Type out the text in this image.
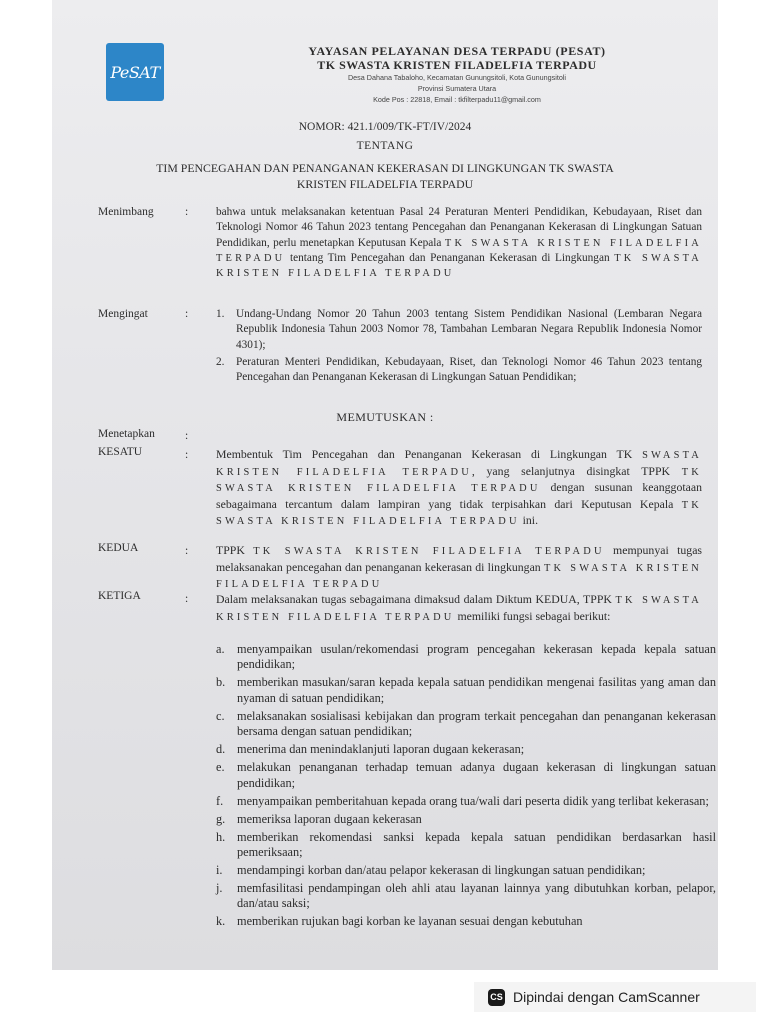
PeSAT
YAYASAN PELAYANAN DESA TERPADU (PESAT)
TK SWASTA KRISTEN FILADELFIA TERPADU
Desa Dahana Tabaloho, Kecamatan Gunungsitoli, Kota Gunungsitoli
Provinsi Sumatera Utara
Kode Pos : 22818, Email : tkfilterpadu11@gmail.com
NOMOR: 421.1/009/TK-FT/IV/2024
TENTANG
TIM PENCEGAHAN DAN PENANGANAN KEKERASAN DI LINGKUNGAN TK SWASTA
KRISTEN FILADELFIA TERPADU
Menimbang	: bahwa untuk melaksanakan ketentuan Pasal 24 Peraturan Menteri Pendidikan, Kebudayaan, Riset dan Teknologi Nomor 46 Tahun 2023 tentang Pencegahan dan Penanganan Kekerasan di Lingkungan Satuan Pendidikan, perlu menetapkan Keputusan Kepala TK SWASTA KRISTEN FILADELFIA TERPADU tentang Tim Pencegahan dan Penanganan Kekerasan di Lingkungan TK SWASTA KRISTEN FILADELFIA TERPADU

Mengingat	: 1.	Undang-Undang Nomor 20 Tahun 2003 tentang Sistem Pendidikan Nasional (Lembaran Negara Republik Indonesia Tahun 2003 Nomor 78, Tambahan Lembaran Negara Republik Indonesia Nomor 4301);
2.	Peraturan Menteri Pendidikan, Kebudayaan, Riset, dan Teknologi Nomor 46 Tahun 2023 tentang Pencegahan dan Penanganan Kekerasan di Lingkungan Satuan Pendidikan;
MEMUTUSKAN :
Menetapkan	:
KESATU	: Membentuk Tim Pencegahan dan Penanganan Kekerasan di Lingkungan TK SWASTA KRISTEN FILADELFIA TERPADU, yang selanjutnya disingkat TPPK TK SWASTA KRISTEN FILADELFIA TERPADU dengan susunan keanggotaan sebagaimana tercantum dalam lampiran yang tidak terpisahkan dari Keputusan Kepala TK SWASTA KRISTEN FILADELFIA TERPADU ini.

KEDUA	: TPPK TK SWASTA KRISTEN FILADELFIA TERPADU mempunyai tugas melaksanakan pencegahan dan penanganan kekerasan di lingkungan TK SWASTA KRISTEN FILADELFIA TERPADU

KETIGA	: Dalam melaksanakan tugas sebagaimana dimaksud dalam Diktum KEDUA, TPPK TK SWASTA KRISTEN FILADELFIA TERPADU memiliki fungsi sebagai berikut:

a.	menyampaikan usulan/rekomendasi program pencegahan kekerasan kepada kepala satuan pendidikan;
b. memberikan masukan/saran kepada kepala satuan pendidikan mengenai fasilitas yang aman dan nyaman di satuan pendidikan;
c.	melaksanakan sosialisasi kebijakan dan program terkait pencegahan dan penanganan kekerasan bersama dengan satuan pendidikan;
d. menerima dan menindaklanjuti laporan dugaan kekerasan;
e.	melakukan penanganan terhadap temuan adanya dugaan kekerasan di lingkungan satuan pendidikan;
f.	menyampaikan pemberitahuan kepada orang tua/wali dari peserta didik yang terlibat kekerasan;
g. memeriksa laporan dugaan kekerasan
h. memberikan rekomendasi sanksi kepada kepala satuan pendidikan berdasarkan hasil pemeriksaan;
i.	mendampingi korban dan/atau pelapor kekerasan di lingkungan satuan pendidikan;
j.	memfasilitasi pendampingan oleh ahli atau layanan lainnya yang dibutuhkan korban, pelapor, dan/atau saksi;
k. memberikan rujukan bagi korban ke layanan sesuai dengan kebutuhan
CS Dipindai dengan CamScanner
